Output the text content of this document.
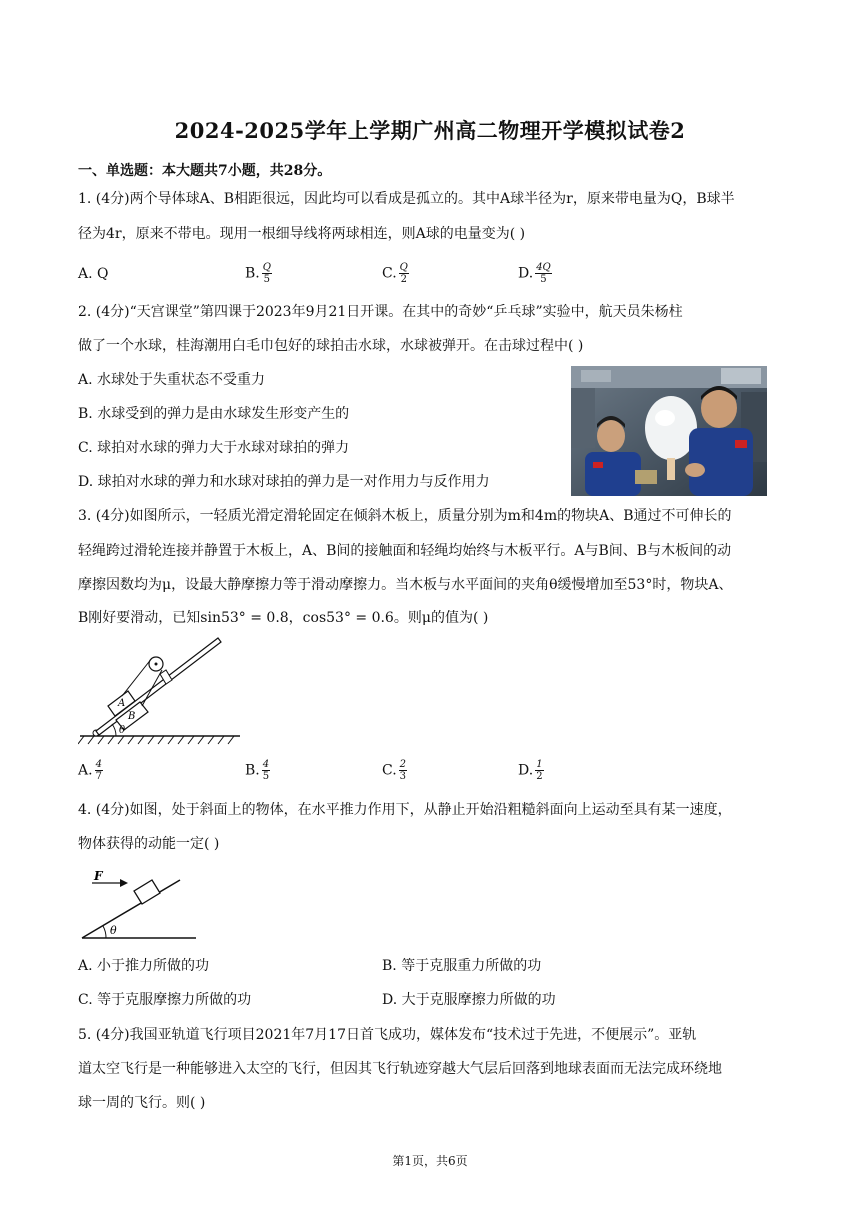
2024-2025学年上学期广州高二物理开学模拟试卷2
一、单选题：本大题共7小题，共28分。
1. (4分)两个导体球A、B相距很远，因此均可以看成是孤立的。其中A球半径为r，原来带电量为Q，B球半
径为4r，原来不带电。现用一根细导线将两球相连，则A球的电量变为( )
A. Q	B. $\frac{Q}{5}$	C. $\frac{Q}{2}$	D. $\frac{4Q}{5}$
2. (4分)“天宫课堂”第四课于2023年9月21日开课。在其中的奇妙“乒乓球”实验中，航天员朱杨柱
做了一个水球，桂海潮用白毛巾包好的球拍击水球，水球被弹开。在击球过程中( )
A. 水球处于失重状态不受重力
B. 水球受到的弹力是由水球发生形变产生的
C. 球拍对水球的弹力大于水球对球拍的弹力
D. 球拍对水球的弹力和水球对球拍的弹力是一对作用力与反作用力
3. (4分)如图所示，一轻质光滑定滑轮固定在倾斜木板上，质量分别为m和4m的物块A、B通过不可伸长的
轻绳跨过滑轮连接并静置于木板上，A、B间的接触面和轻绳均始终与木板平行。A与B间、B与木板间的动
摩擦因数均为μ，设最大静摩擦力等于滑动摩擦力。当木板与水平面间的夹角θ缓慢增加至53°时，物块A、
B刚好要滑动，已知sin53° = 0.8，cos53° = 0.6。则μ的值为( )
A
B
θ
A. $\frac{4}{7}$	B. $\frac{4}{5}$	C. $\frac{2}{3}$	D. $\frac{1}{2}$
4. (4分)如图，处于斜面上的物体，在水平推力作用下，从静止开始沿粗糙斜面向上运动至具有某一速度，
物体获得的动能一定( )
F
θ
A. 小于推力所做的功	B. 等于克服重力所做的功
C. 等于克服摩擦力所做的功	D. 大于克服摩擦力所做的功
5. (4分)我国亚轨道飞行项目2021年7月17日首飞成功，媒体发布“技术过于先进，不便展示”。亚轨
道太空飞行是一种能够进入太空的飞行，但因其飞行轨迹穿越大气层后回落到地球表面而无法完成环绕地
球一周的飞行。则( )
第1页，共6页
